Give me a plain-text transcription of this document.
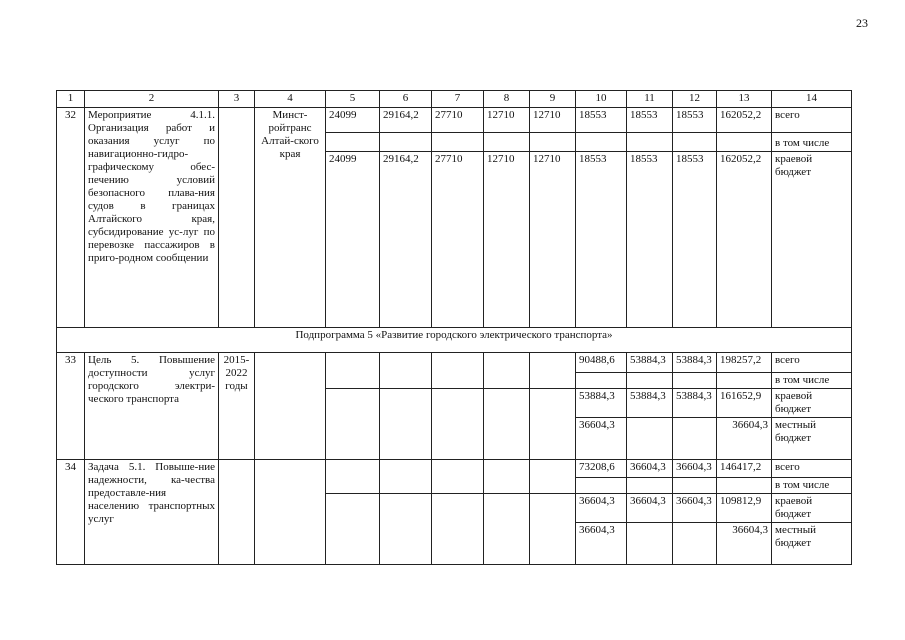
23
1	2	3	4	5	6	7	8	9	10	11	12	13	14
32	Мероприятие 4.1.1. Организация работ и оказания услуг по навигационно-гидро-графическому обес-печению условий безопасного плава-ния судов в границах Алтайского края, субсидирование ус-луг по перевозке пассажиров в приго-родном сообщении		Минст-ройтранс Алтай-ского края	24099	29164,2	27710	12710	12710	18553	18553	18553	162052,2	всего
													в том числе
				24099	29164,2	27710	12710	12710	18553	18553	18553	162052,2	краевой бюджет
Подпрограмма 5 «Развитие городского электрического транспорта»													
33	Цель 5. Повышение доступности услуг городского электри-ческого транспорта	2015-2022 годы							90488,6	53884,3	53884,3	198257,2	всего
													в том числе
									53884,3	53884,3	53884,3	161652,9	краевой бюджет
									36604,3			36604,3	местный бюджет
34	Задача 5.1. Повыше-ние надежности, ка-чества предоставле-ния населению транспортных услуг								73208,6	36604,3	36604,3	146417,2	всего
													в том числе
									36604,3	36604,3	36604,3	109812,9	краевой бюджет
									36604,3			36604,3	местный бюджет
